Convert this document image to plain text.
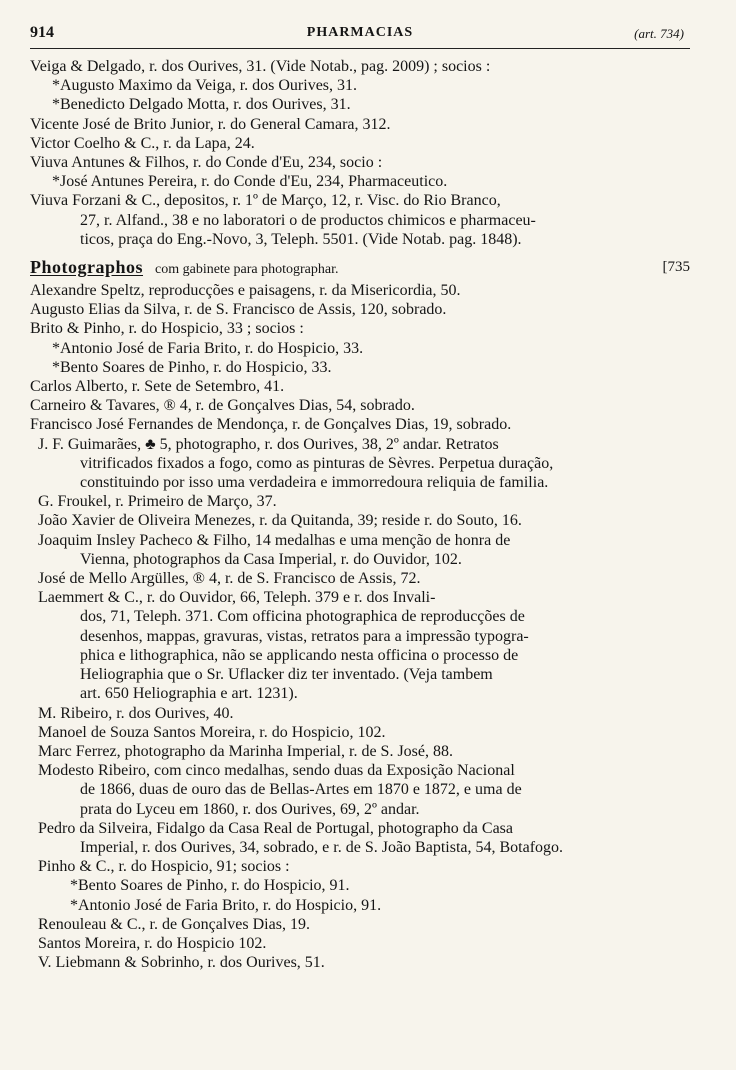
914	PHARMACIAS	(art. 734)
Veiga & Delgado, r. dos Ourives, 31. (Vide Notab., pag. 2009) ; socios :
*Augusto Maximo da Veiga, r. dos Ourives, 31.
*Benedicto Delgado Motta, r. dos Ourives, 31.
Vicente José de Brito Junior, r. do General Camara, 312.
Victor Coelho & C., r. da Lapa, 24.
Viuva Antunes & Filhos, r. do Conde d'Eu, 234, socio :
*José Antunes Pereira, r. do Conde d'Eu, 234, Pharmaceutico.
Viuva Forzani & C., depositos, r. 1º de Março, 12, r. Visc. do Rio Branco,
27, r. Alfand., 38 e no laboratori o de productos chimicos e pharmaceu-
ticos, praça do Eng.-Novo, 3, Teleph. 5501. (Vide Notab. pag. 1848).
Photographos com gabinete para photographar.	[735
Alexandre Speltz, reproducções e paisagens, r. da Misericordia, 50.
Augusto Elias da Silva, r. de S. Francisco de Assis, 120, sobrado.
Brito & Pinho, r. do Hospicio, 33 ; socios :
*Antonio José de Faria Brito, r. do Hospicio, 33.
*Bento Soares de Pinho, r. do Hospicio, 33.
Carlos Alberto, r. Sete de Setembro, 41.
Carneiro & Tavares, ® 4, r. de Gonçalves Dias, 54, sobrado.
Francisco José Fernandes de Mendonça, r. de Gonçalves Dias, 19, sobrado.
J. F. Guimarães, ♣ 5, photographo, r. dos Ourives, 38, 2º andar. Retratos
vitrificados fixados a fogo, como as pinturas de Sèvres. Perpetua duração,
constituindo por isso uma verdadeira e immorredoura reliquia de familia.
G. Froukel, r. Primeiro de Março, 37.
João Xavier de Oliveira Menezes, r. da Quitanda, 39; reside r. do Souto, 16.
Joaquim Insley Pacheco & Filho, 14 medalhas e uma menção de honra de
Vienna, photographos da Casa Imperial, r. do Ouvidor, 102.
José de Mello Argülles, ® 4, r. de S. Francisco de Assis, 72.
Laemmert & C., r. do Ouvidor, 66, Teleph. 379 e r. dos Invali-
dos, 71, Teleph. 371. Com officina photographica de reproducções de
desenhos, mappas, gravuras, vistas, retratos para a impressão typogra-
phica e lithographica, não se applicando nesta officina o processo de
Heliographia que o Sr. Uflacker diz ter inventado. (Veja tambem
art. 650 Heliographia e art. 1231).
M. Ribeiro, r. dos Ourives, 40.
Manoel de Souza Santos Moreira, r. do Hospicio, 102.
Marc Ferrez, photographo da Marinha Imperial, r. de S. José, 88.
Modesto Ribeiro, com cinco medalhas, sendo duas da Exposição Nacional
de 1866, duas de ouro das de Bellas-Artes em 1870 e 1872, e uma de
prata do Lyceu em 1860, r. dos Ourives, 69, 2º andar.
Pedro da Silveira, Fidalgo da Casa Real de Portugal, photographo da Casa
Imperial, r. dos Ourives, 34, sobrado, e r. de S. João Baptista, 54, Botafogo.
Pinho & C., r. do Hospicio, 91; socios :
*Bento Soares de Pinho, r. do Hospicio, 91.
*Antonio José de Faria Brito, r. do Hospicio, 91.
Renouleau & C., r. de Gonçalves Dias, 19.
Santos Moreira, r. do Hospicio 102.
V. Liebmann & Sobrinho, r. dos Ourives, 51.
